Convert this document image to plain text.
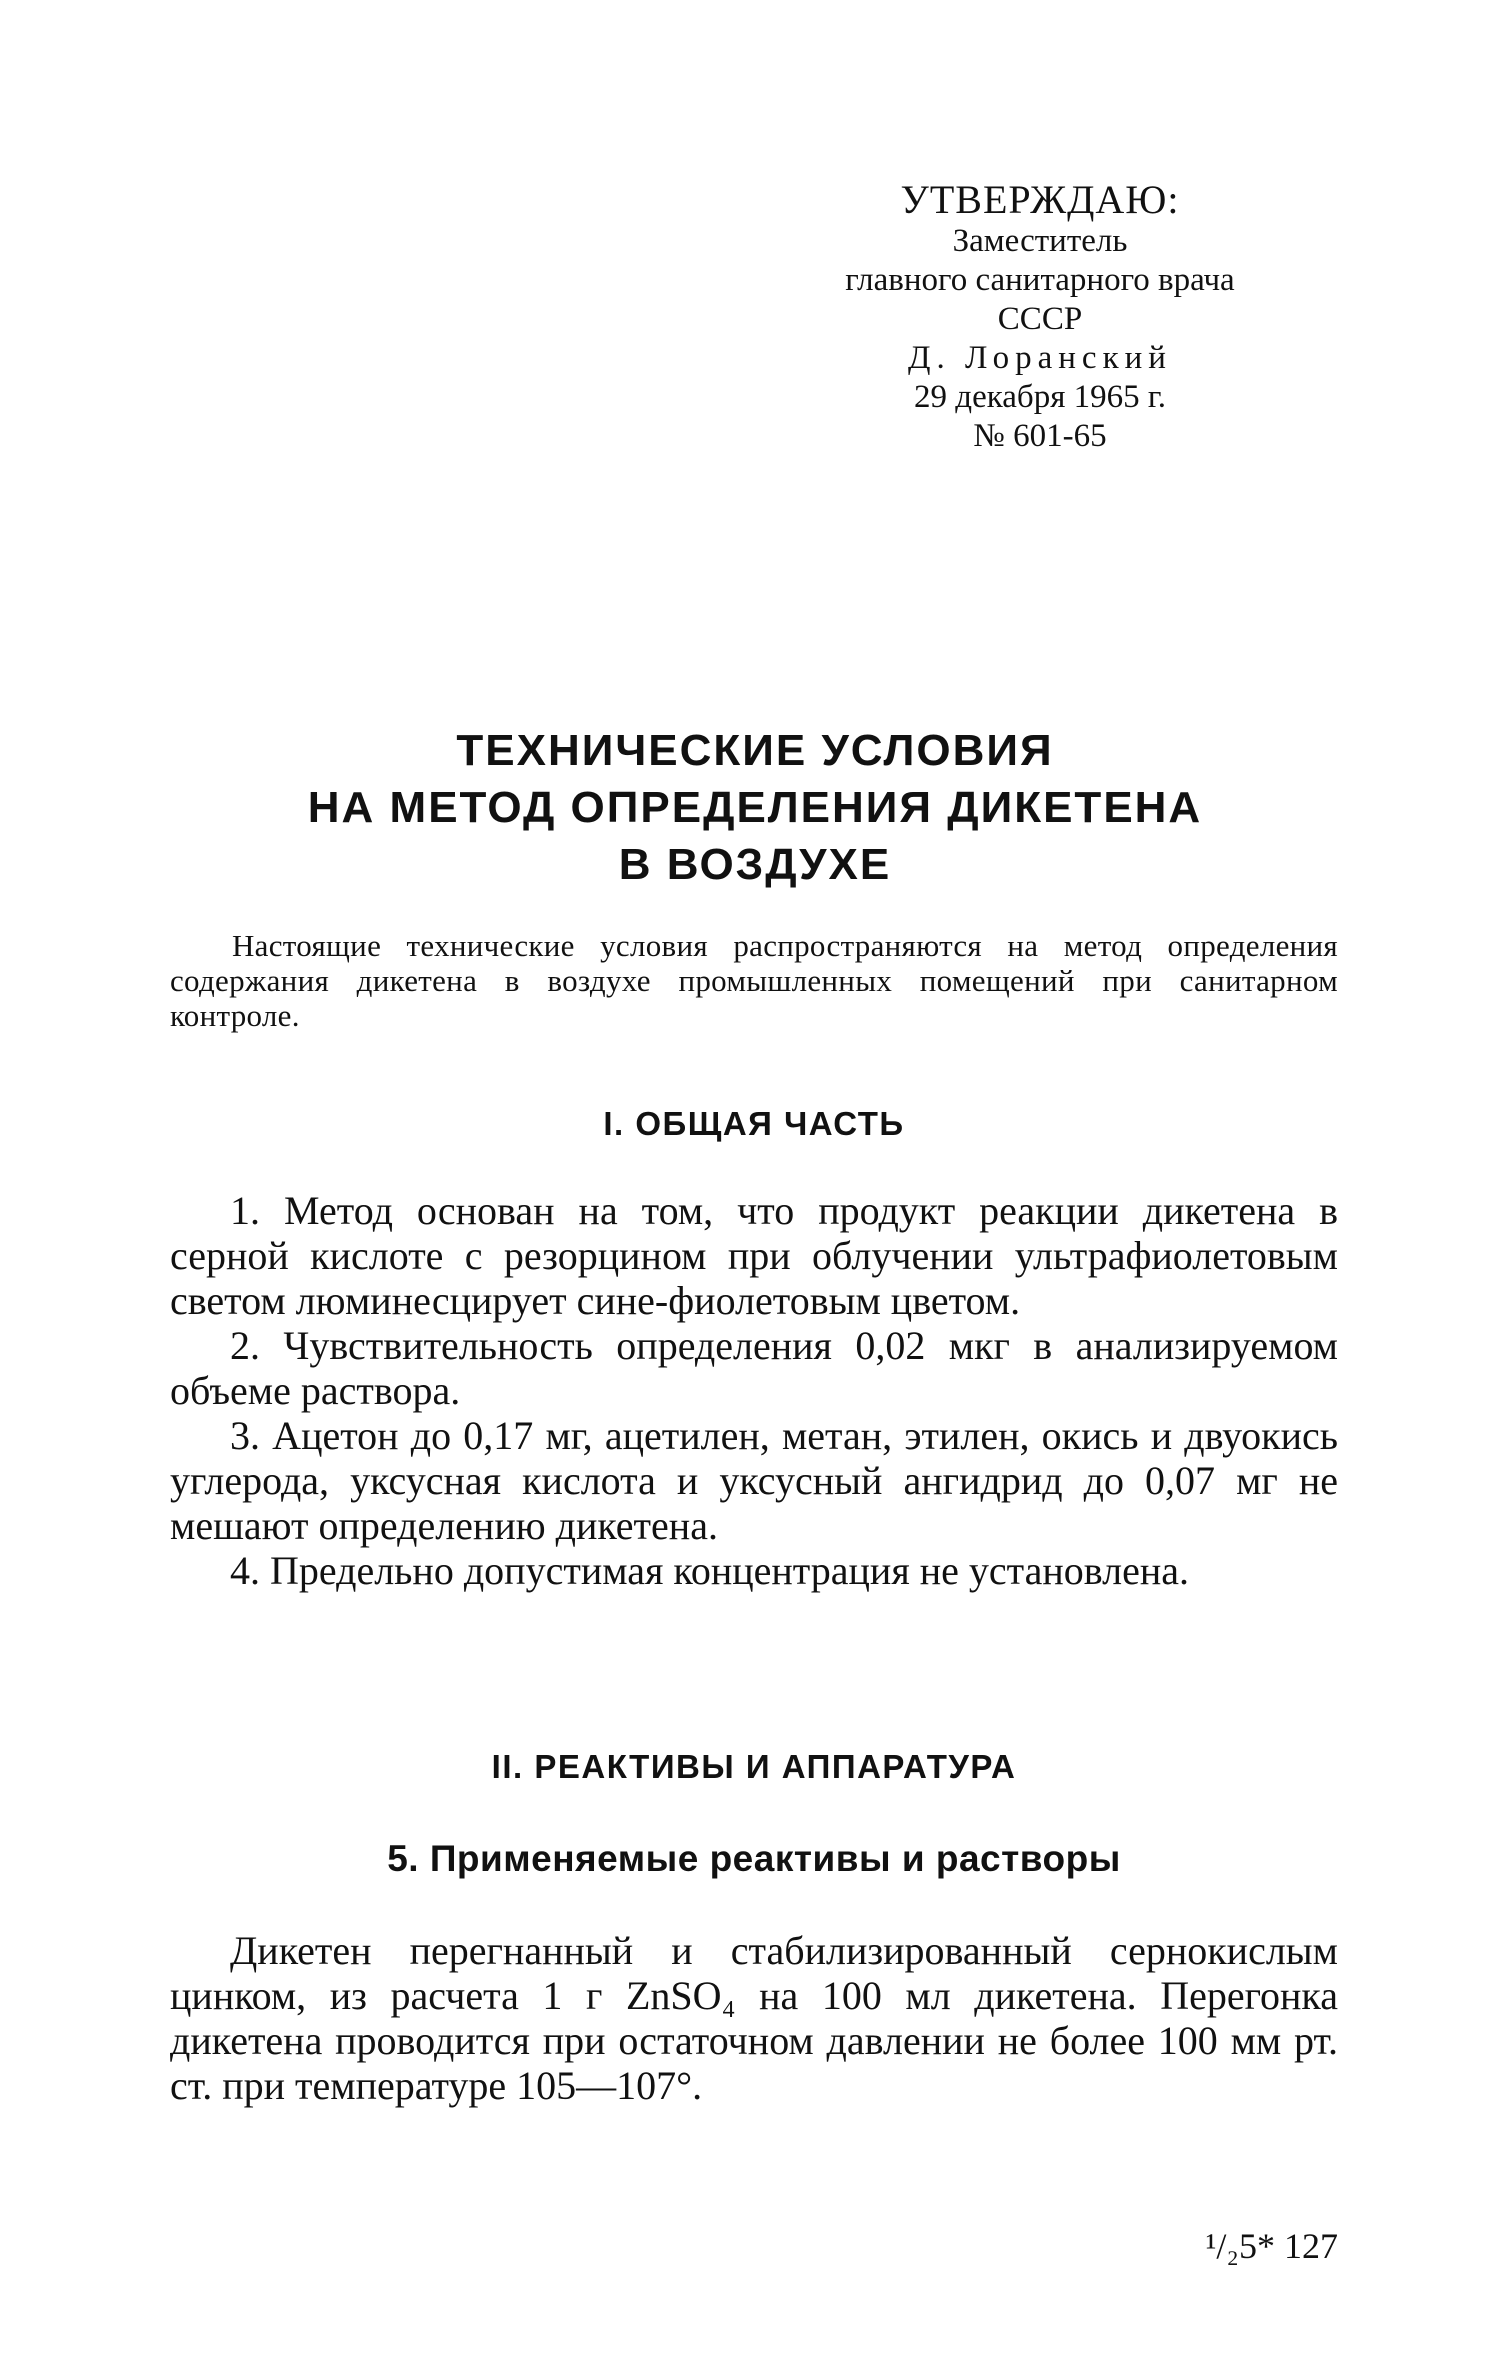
УТВЕРЖДАЮ:
Заместитель
главного санитарного врача
СССР
Д. Лоранский
29 декабря 1965 г.
№ 601-65
ТЕХНИЧЕСКИЕ УСЛОВИЯ
НА МЕТОД ОПРЕДЕЛЕНИЯ ДИКЕТЕНА
В ВОЗДУХЕ
Настоящие технические условия распространяются на метод определения содержания дикетена в воздухе промышленных помещений при санитарном контроле.
I. ОБЩАЯ ЧАСТЬ

1. Метод основан на том, что продукт реакции дикетена в серной кислоте с резорцином при облучении ультрафиолетовым светом люминесцирует сине-фиолетовым цветом.

2. Чувствительность определения 0,02 мкг в анализируемом объеме раствора.

3. Ацетон до 0,17 мг, ацетилен, метан, этилен, окись и двуокись углерода, уксусная кислота и уксусный ангидрид до 0,07 мг не мешают определению дикетена.

4. Предельно допустимая концентрация не установлена.

II. РЕАКТИВЫ И АППАРАТУРА
5. Применяемые реактивы и растворы

Дикетен перегнанный и стабилизированный сернокислым цинком, из расчета 1 г ZnSO₄ на 100 мл дикетена. Перегонка дикетена проводится при остаточном давлении не более 100 мм рт. ст. при температуре 105—107°.

¹/₂5* 127
